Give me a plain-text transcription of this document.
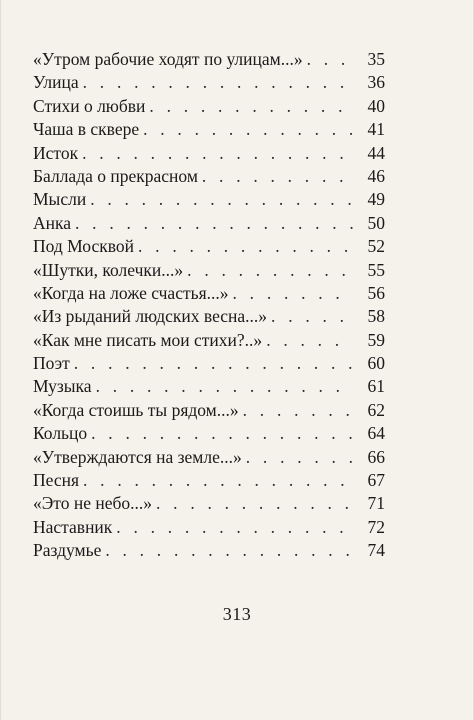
«Утром рабочие ходят по улицам...» . . .	35
Улица . . .	36
Стихи о любви . . .	40
Чаша в сквере . . .	41
Исток . . .	44
Баллада о прекрасном . . .	46
Мысли . . .	49
Анка . . .	50
Под Москвой . . .	52
«Шутки, колечки...» . . .	55
«Когда на ложе счастья...» . . .	56
«Из рыданий людских весна...» . . .	58
«Как мне писать мои стихи?..» . . .	59
Поэт . . .	60
Музыка . . .	61
«Когда стоишь ты рядом...» . . .	62
Кольцо . . .	64
«Утверждаются на земле...» . . .	66
Песня . . .	67
«Это не небо...» . . .	71
Наставник . . .	72
Раздумье . . .	74
313
